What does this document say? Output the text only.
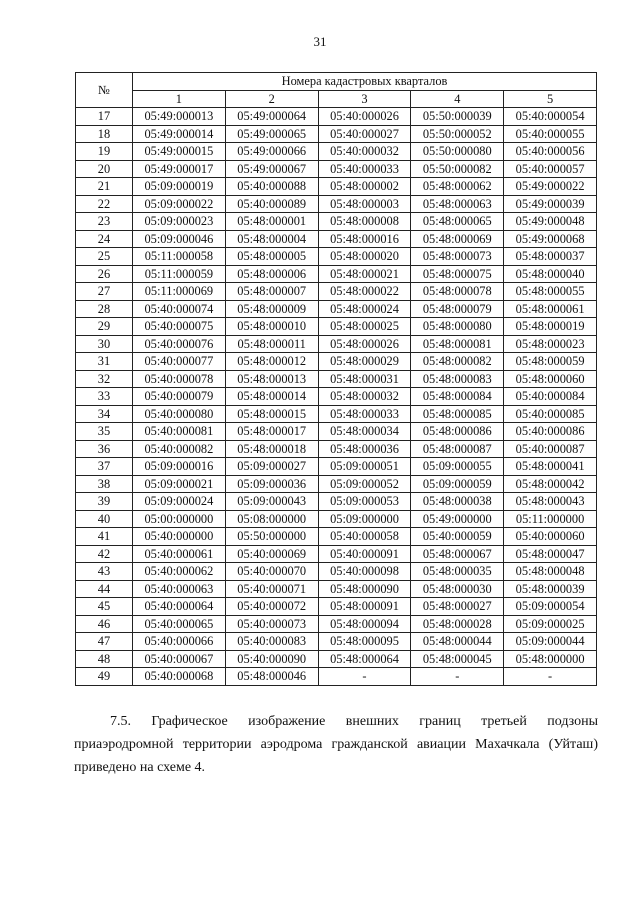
31
№	Номера кадастровых кварталов				
	1	2	3	4	5
17	05:49:000013	05:49:000064	05:40:000026	05:50:000039	05:40:000054
18	05:49:000014	05:49:000065	05:40:000027	05:50:000052	05:40:000055
19	05:49:000015	05:49:000066	05:40:000032	05:50:000080	05:40:000056
20	05:49:000017	05:49:000067	05:40:000033	05:50:000082	05:40:000057
21	05:09:000019	05:40:000088	05:48:000002	05:48:000062	05:49:000022
22	05:09:000022	05:40:000089	05:48:000003	05:48:000063	05:49:000039
23	05:09:000023	05:48:000001	05:48:000008	05:48:000065	05:49:000048
24	05:09:000046	05:48:000004	05:48:000016	05:48:000069	05:49:000068
25	05:11:000058	05:48:000005	05:48:000020	05:48:000073	05:48:000037
26	05:11:000059	05:48:000006	05:48:000021	05:48:000075	05:48:000040
27	05:11:000069	05:48:000007	05:48:000022	05:48:000078	05:48:000055
28	05:40:000074	05:48:000009	05:48:000024	05:48:000079	05:48:000061
29	05:40:000075	05:48:000010	05:48:000025	05:48:000080	05:48:000019
30	05:40:000076	05:48:000011	05:48:000026	05:48:000081	05:48:000023
31	05:40:000077	05:48:000012	05:48:000029	05:48:000082	05:48:000059
32	05:40:000078	05:48:000013	05:48:000031	05:48:000083	05:48:000060
33	05:40:000079	05:48:000014	05:48:000032	05:48:000084	05:40:000084
34	05:40:000080	05:48:000015	05:48:000033	05:48:000085	05:40:000085
35	05:40:000081	05:48:000017	05:48:000034	05:48:000086	05:40:000086
36	05:40:000082	05:48:000018	05:48:000036	05:48:000087	05:40:000087
37	05:09:000016	05:09:000027	05:09:000051	05:09:000055	05:48:000041
38	05:09:000021	05:09:000036	05:09:000052	05:09:000059	05:48:000042
39	05:09:000024	05:09:000043	05:09:000053	05:48:000038	05:48:000043
40	05:00:000000	05:08:000000	05:09:000000	05:49:000000	05:11:000000
41	05:40:000000	05:50:000000	05:40:000058	05:40:000059	05:40:000060
42	05:40:000061	05:40:000069	05:40:000091	05:48:000067	05:48:000047
43	05:40:000062	05:40:000070	05:40:000098	05:48:000035	05:48:000048
44	05:40:000063	05:40:000071	05:48:000090	05:48:000030	05:48:000039
45	05:40:000064	05:40:000072	05:48:000091	05:48:000027	05:09:000054
46	05:40:000065	05:40:000073	05:48:000094	05:48:000028	05:09:000025
47	05:40:000066	05:40:000083	05:48:000095	05:48:000044	05:09:000044
48	05:40:000067	05:40:000090	05:48:000064	05:48:000045	05:48:000000
49	05:40:000068	05:48:000046	-	-	-
7.5. Графическое изображение внешних границ третьей подзоны
приаэродромной территории аэродрома гражданской авиации Махачкала (Уйташ)
приведено на схеме 4.
